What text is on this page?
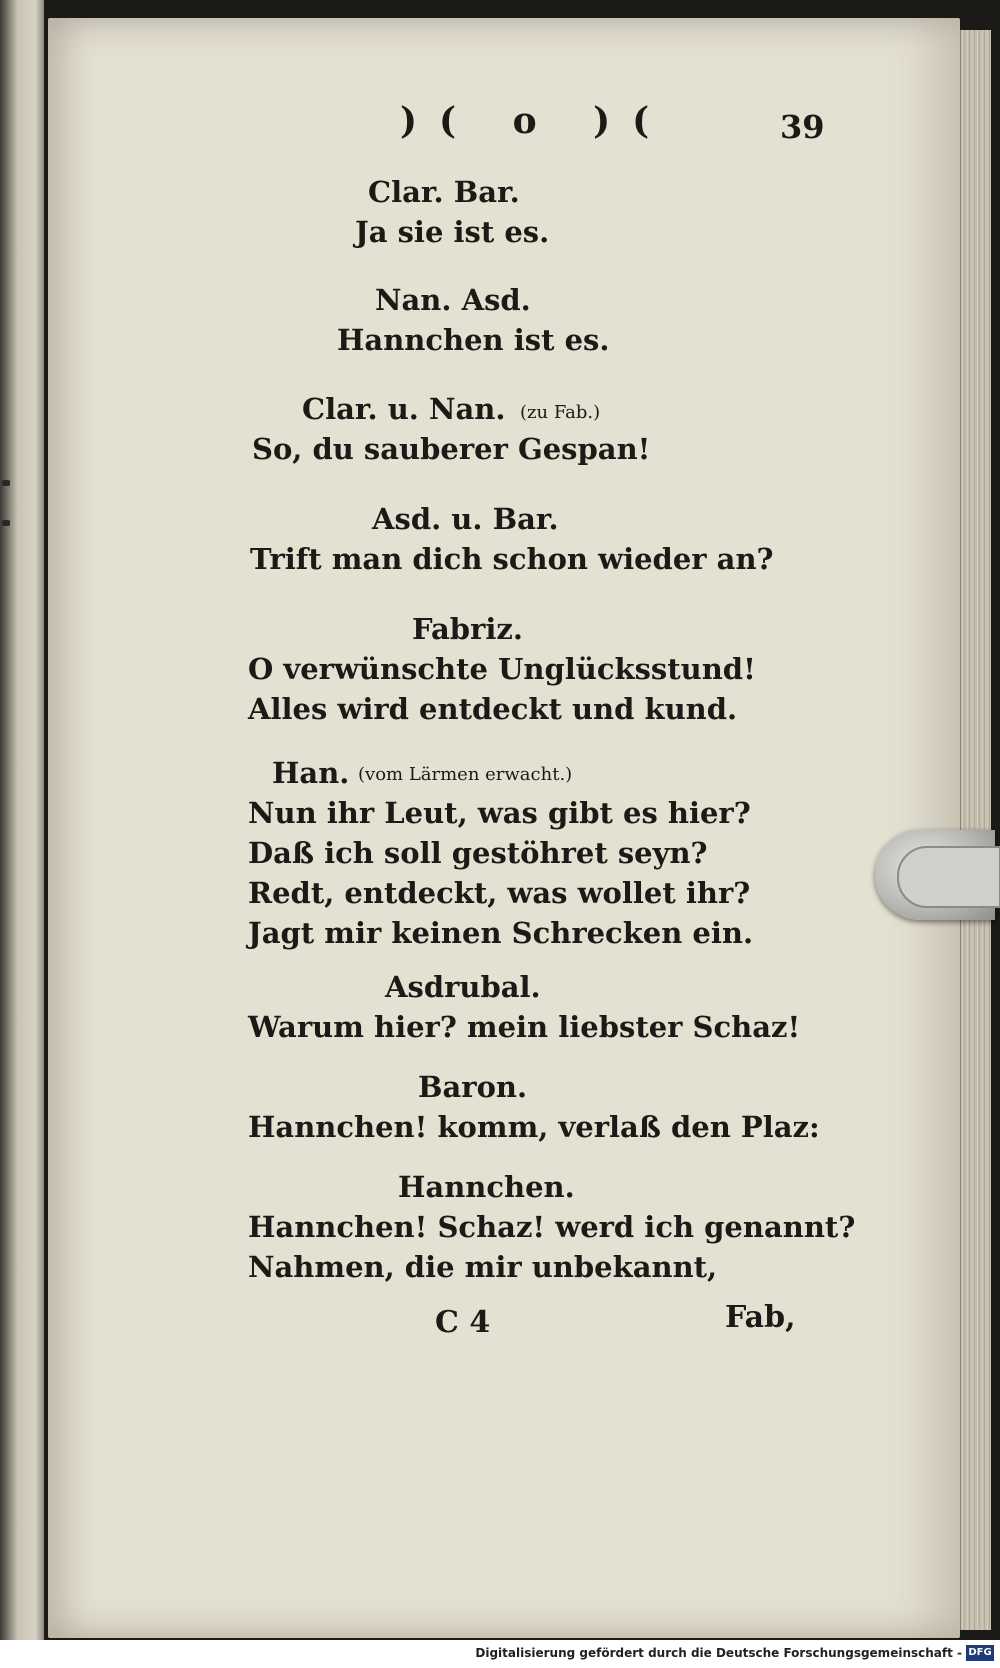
)( o )(	39
Clar. Bar.
Ja sie ist es.
Nan. Asd.
Hannchen ist es.
Clar. u. Nan. (zu Fab.)
So, du sauberer Gespan!
Asd. u. Bar.
Trift man dich schon wieder an?
Fabriz.
O verwünschte Unglücksstund!
Alles wird entdeckt und kund.
Han. (vom Lärmen erwacht.)
Nun ihr Leut, was gibt es hier?
Daß ich soll gestöhret seyn?
Redt, entdeckt, was wollet ihr?
Jagt mir keinen Schrecken ein.
Asdrubal.
Warum hier? mein liebster Schaz!
Baron.
Hannchen! komm, verlaß den Plaz:
Hannchen.
Hannchen! Schaz! werd ich genannt?
Nahmen, die mir unbekannt,
C 4	Fab,
Digitalisierung gefördert durch die Deutsche Forschungsgemeinschaft - DFG
